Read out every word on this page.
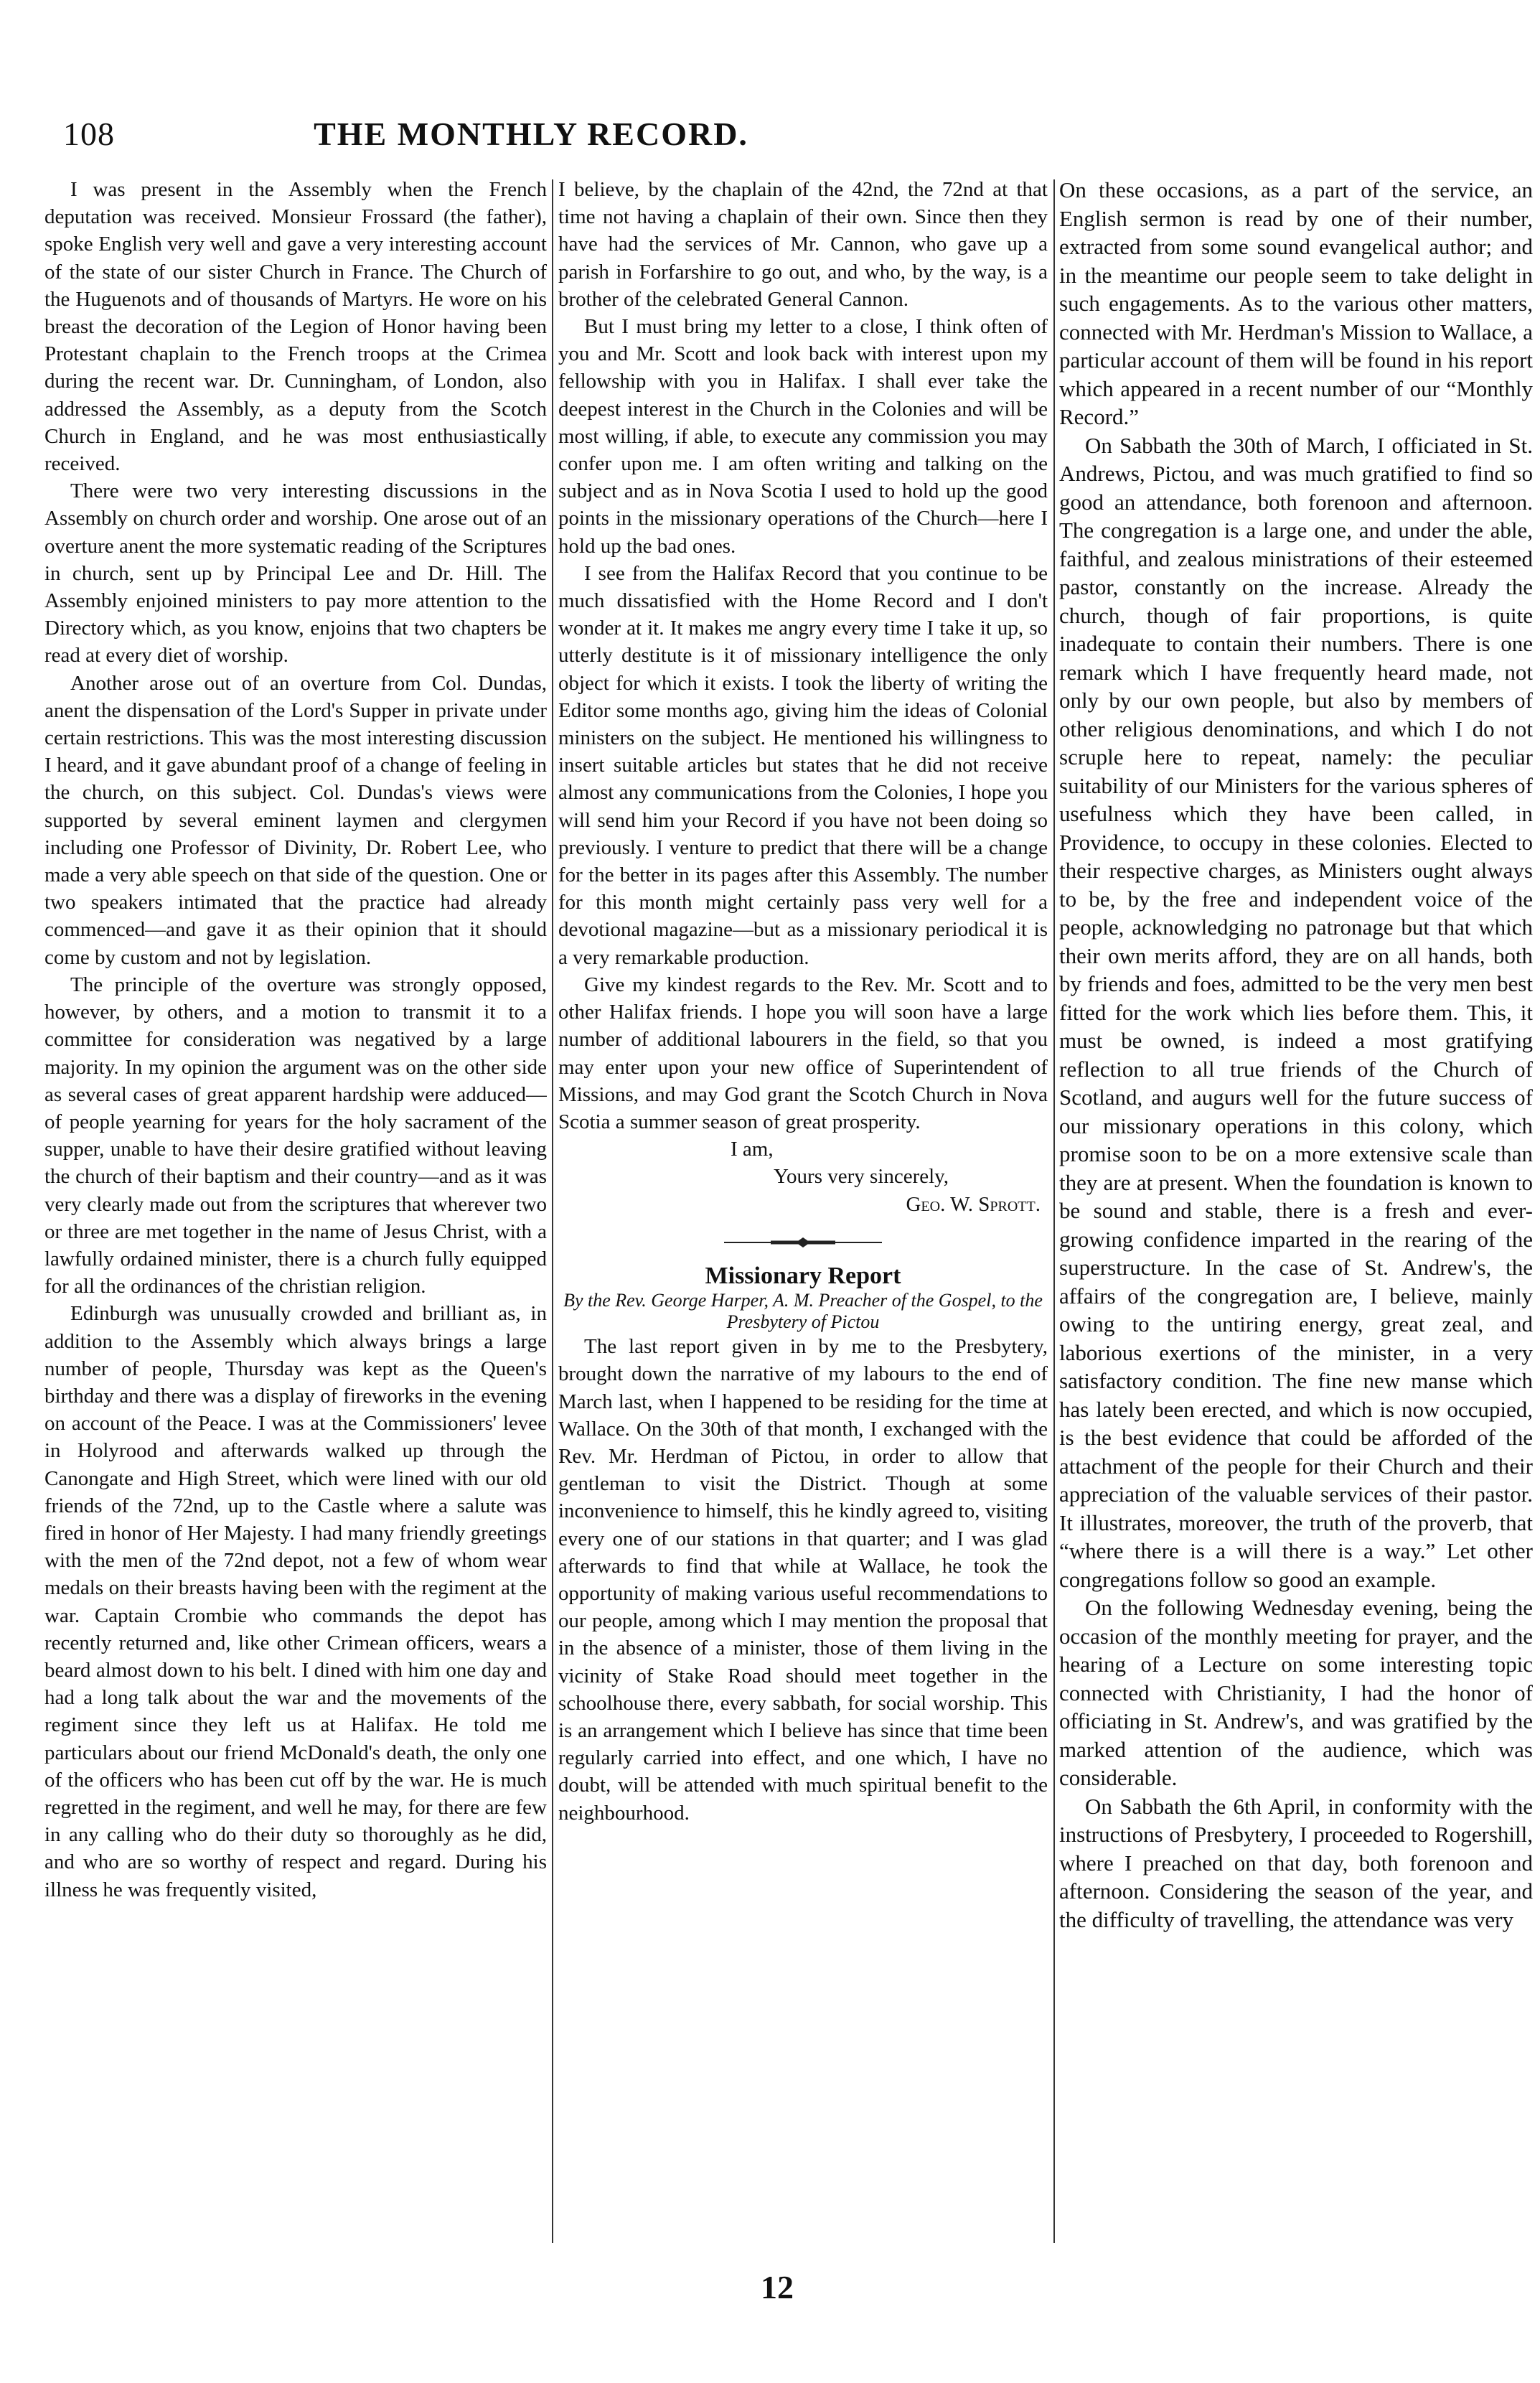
108	THE MONTHLY RECORD.

I was present in the Assembly when the French deputation was received. Monsieur Frossard (the father), spoke English very well and gave a very interesting account of the state of our sister Church in France. The Church of the Huguenots and of thousands of Martyrs. He wore on his breast the decoration of the Legion of Honor having been Protestant chaplain to the French troops at the Crimea during the recent war. Dr. Cunningham, of London, also addressed the Assembly, as a deputy from the Scotch Church in England, and he was most enthusiastically received.

There were two very interesting discussions in the Assembly on church order and worship. One arose out of an overture anent the more systematic reading of the Scriptures in church, sent up by Principal Lee and Dr. Hill. The Assembly enjoined ministers to pay more attention to the Directory which, as you know, enjoins that two chapters be read at every diet of worship.

Another arose out of an overture from Col. Dundas, anent the dispensation of the Lord's Supper in private under certain restrictions. This was the most interesting discussion I heard, and it gave abundant proof of a change of feeling in the church, on this subject. Col. Dundas's views were supported by several eminent laymen and clergymen including one Professor of Divinity, Dr. Robert Lee, who made a very able speech on that side of the question. One or two speakers intimated that the practice had already commenced—and gave it as their opinion that it should come by custom and not by legislation.

The principle of the overture was strongly opposed, however, by others, and a motion to transmit it to a committee for consideration was negatived by a large majority. In my opinion the argument was on the other side as several cases of great apparent hardship were adduced—of people yearning for years for the holy sacrament of the supper, unable to have their desire gratified without leaving the church of their baptism and their country—and as it was very clearly made out from the scriptures that wherever two or three are met together in the name of Jesus Christ, with a lawfully ordained minister, there is a church fully equipped for all the ordinances of the christian religion.

Edinburgh was unusually crowded and brilliant as, in addition to the Assembly which always brings a large number of people, Thursday was kept as the Queen's birthday and there was a display of fireworks in the evening on account of the Peace. I was at the Commissioners' levee in Holyrood and afterwards walked up through the Canongate and High Street, which were lined with our old friends of the 72nd, up to the Castle where a salute was fired in honor of Her Majesty. I had many friendly greetings with the men of the 72nd depot, not a few of whom wear medals on their breasts having been with the regiment at the war. Captain Crombie who commands the depot has recently returned and, like other Crimean officers, wears a beard almost down to his belt. I dined with him one day and had a long talk about the war and the movements of the regiment since they left us at Halifax. He told me particulars about our friend McDonald's death, the only one of the officers who has been cut off by the war. He is much regretted in the regiment, and well he may, for there are few in any calling who do their duty so thoroughly as he did, and who are so worthy of respect and regard. During his illness he was frequently visited,

I believe, by the chaplain of the 42nd, the 72nd at that time not having a chaplain of their own. Since then they have had the services of Mr. Cannon, who gave up a parish in Forfarshire to go out, and who, by the way, is a brother of the celebrated General Cannon.

But I must bring my letter to a close, I think often of you and Mr. Scott and look back with interest upon my fellowship with you in Halifax. I shall ever take the deepest interest in the Church in the Colonies and will be most willing, if able, to execute any commission you may confer upon me. I am often writing and talking on the subject and as in Nova Scotia I used to hold up the good points in the missionary operations of the Church—here I hold up the bad ones.

I see from the Halifax Record that you continue to be much dissatisfied with the Home Record and I don't wonder at it. It makes me angry every time I take it up, so utterly destitute is it of missionary intelligence the only object for which it exists. I took the liberty of writing the Editor some months ago, giving him the ideas of Colonial ministers on the subject. He mentioned his willingness to insert suitable articles but states that he did not receive almost any communications from the Colonies, I hope you will send him your Record if you have not been doing so previously. I venture to predict that there will be a change for the better in its pages after this Assembly. The number for this month might certainly pass very well for a devotional magazine—but as a missionary periodical it is a very remarkable production.

Give my kindest regards to the Rev. Mr. Scott and to other Halifax friends. I hope you will soon have a large number of additional labourers in the field, so that you may enter upon your new office of Superintendent of Missions, and may God grant the Scotch Church in Nova Scotia a summer season of great prosperity.

I am,

Yours very sincerely,

Geo. W. Sprott.

Missionary Report

By the Rev. George Harper, A. M. Preacher of the Gospel, to the Presbytery of Pictou

The last report given in by me to the Presbytery, brought down the narrative of my labours to the end of March last, when I happened to be residing for the time at Wallace. On the 30th of that month, I exchanged with the Rev. Mr. Herdman of Pictou, in order to allow that gentleman to visit the District. Though at some inconvenience to himself, this he kindly agreed to, visiting every one of our stations in that quarter; and I was glad afterwards to find that while at Wallace, he took the opportunity of making various useful recommendations to our people, among which I may mention the proposal that in the absence of a minister, those of them living in the vicinity of Stake Road should meet together in the schoolhouse there, every sabbath, for social worship. This is an arrangement which I believe has since that time been regularly carried into effect, and one which, I have no doubt, will be attended with much spiritual benefit to the neighbourhood.

On these occasions, as a part of the service, an English sermon is read by one of their number, extracted from some sound evangelical author; and in the meantime our people seem to take delight in such engagements. As to the various other matters, connected with Mr. Herdman's Mission to Wallace, a particular account of them will be found in his report which appeared in a recent number of our “Monthly Record.”

On Sabbath the 30th of March, I officiated in St. Andrews, Pictou, and was much gratified to find so good an attendance, both forenoon and afternoon. The congregation is a large one, and under the able, faithful, and zealous ministrations of their esteemed pastor, constantly on the increase. Already the church, though of fair proportions, is quite inadequate to contain their numbers. There is one remark which I have frequently heard made, not only by our own people, but also by members of other religious denominations, and which I do not scruple here to repeat, namely: the peculiar suitability of our Ministers for the various spheres of usefulness which they have been called, in Providence, to occupy in these colonies. Elected to their respective charges, as Ministers ought always to be, by the free and independent voice of the people, acknowledging no patronage but that which their own merits afford, they are on all hands, both by friends and foes, admitted to be the very men best fitted for the work which lies before them. This, it must be owned, is indeed a most gratifying reflection to all true friends of the Church of Scotland, and augurs well for the future success of our missionary operations in this colony, which promise soon to be on a more extensive scale than they are at present. When the foundation is known to be sound and stable, there is a fresh and ever-growing confidence imparted in the rearing of the superstructure. In the case of St. Andrew's, the affairs of the congregation are, I believe, mainly owing to the untiring energy, great zeal, and laborious exertions of the minister, in a very satisfactory condition. The fine new manse which has lately been erected, and which is now occupied, is the best evidence that could be afforded of the attachment of the people for their Church and their appreciation of the valuable services of their pastor. It illustrates, moreover, the truth of the proverb, that “where there is a will there is a way.” Let other congregations follow so good an example.

On the following Wednesday evening, being the occasion of the monthly meeting for prayer, and the hearing of a Lecture on some interesting topic connected with Christianity, I had the honor of officiating in St. Andrew's, and was gratified by the marked attention of the audience, which was considerable.

On Sabbath the 6th April, in conformity with the instructions of Presbytery, I proceeded to Rogershill, where I preached on that day, both forenoon and afternoon. Considering the season of the year, and the difficulty of travelling, the attendance was very

12
